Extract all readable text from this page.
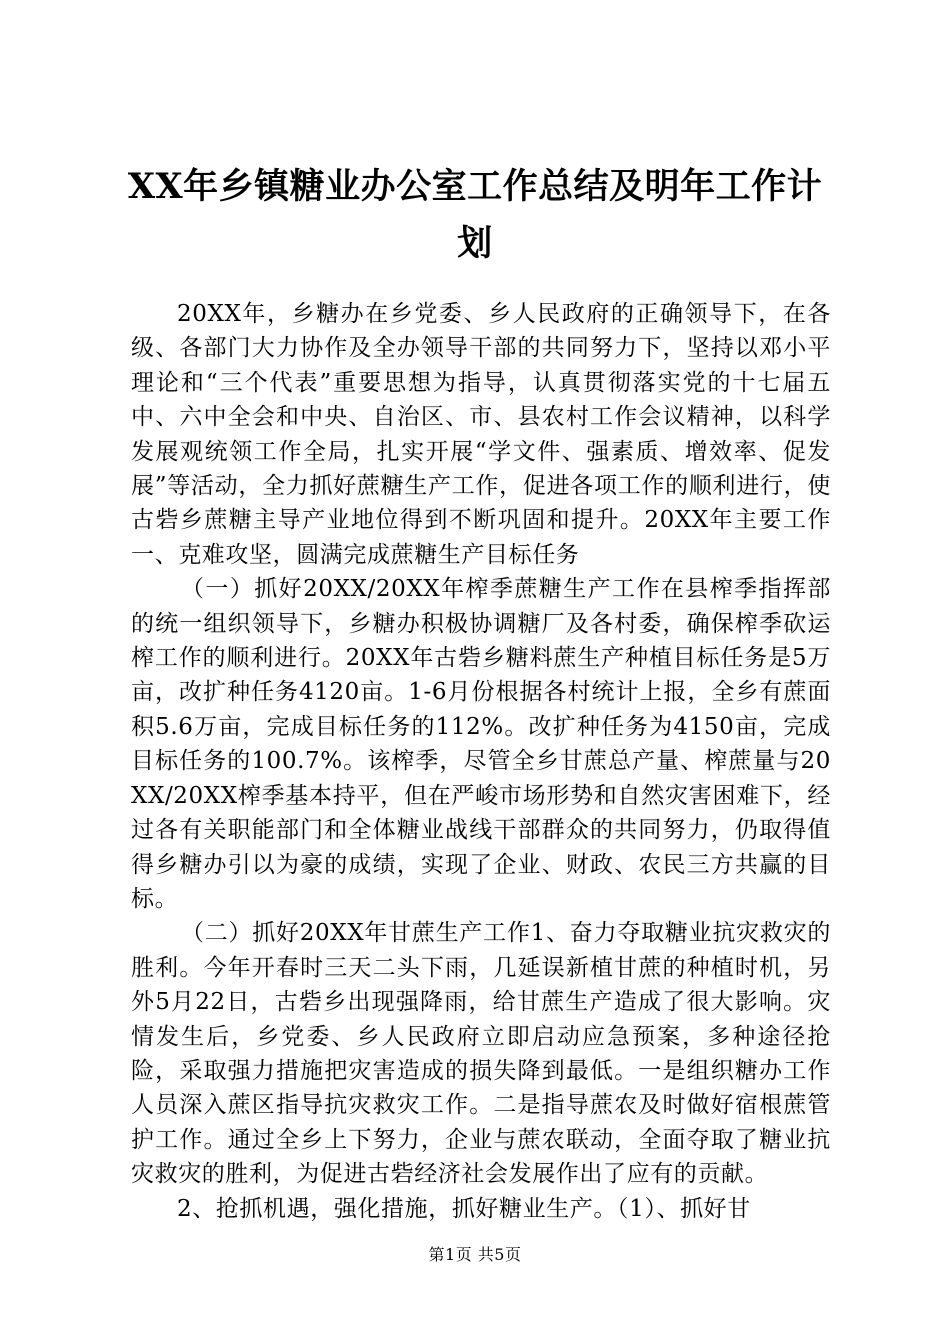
XX年乡镇糖业办公室工作总结及明年工作计划

20XX年，乡糖办在乡党委、乡人民政府的正确领导下，在各级、各部门大力协作及全办领导干部的共同努力下，坚持以邓小平理论和“三个代表”重要思想为指导，认真贯彻落实党的十七届五中、六中全会和中央、自治区、市、县农村工作会议精神，以科学发展观统领工作全局，扎实开展“学文件、强素质、增效率、促发展”等活动，全力抓好蔗糖生产工作，促进各项工作的顺利进行，使古砦乡蔗糖主导产业地位得到不断巩固和提升。20XX年主要工作一、克难攻坚，圆满完成蔗糖生产目标任务

（一）抓好20XX/20XX年榨季蔗糖生产工作在县榨季指挥部的统一组织领导下，乡糖办积极协调糖厂及各村委，确保榨季砍运榨工作的顺利进行。20XX年古砦乡糖料蔗生产种植目标任务是5万亩，改扩种任务4120亩。1-6月份根据各村统计上报，全乡有蔗面积5.6万亩，完成目标任务的112%。改扩种任务为4150亩，完成目标任务的100.7%。该榨季，尽管全乡甘蔗总产量、榨蔗量与20XX/20XX榨季基本持平，但在严峻市场形势和自然灾害困难下，经过各有关职能部门和全体糖业战线干部群众的共同努力，仍取得值得乡糖办引以为豪的成绩，实现了企业、财政、农民三方共赢的目标。

（二）抓好20XX年甘蔗生产工作1、奋力夺取糖业抗灾救灾的胜利。今年开春时三天二头下雨，几延误新植甘蔗的种植时机，另外5月22日，古砦乡出现强降雨，给甘蔗生产造成了很大影响。灾情发生后，乡党委、乡人民政府立即启动应急预案，多种途径抢险，采取强力措施把灾害造成的损失降到最低。一是组织糖办工作人员深入蔗区指导抗灾救灾工作。二是指导蔗农及时做好宿根蔗管护工作。通过全乡上下努力，企业与蔗农联动，全面夺取了糖业抗灾救灾的胜利，为促进古砦经济社会发展作出了应有的贡献。

2、抢抓机遇，强化措施，抓好糖业生产。（1）、抓好甘

第1页 共5页
